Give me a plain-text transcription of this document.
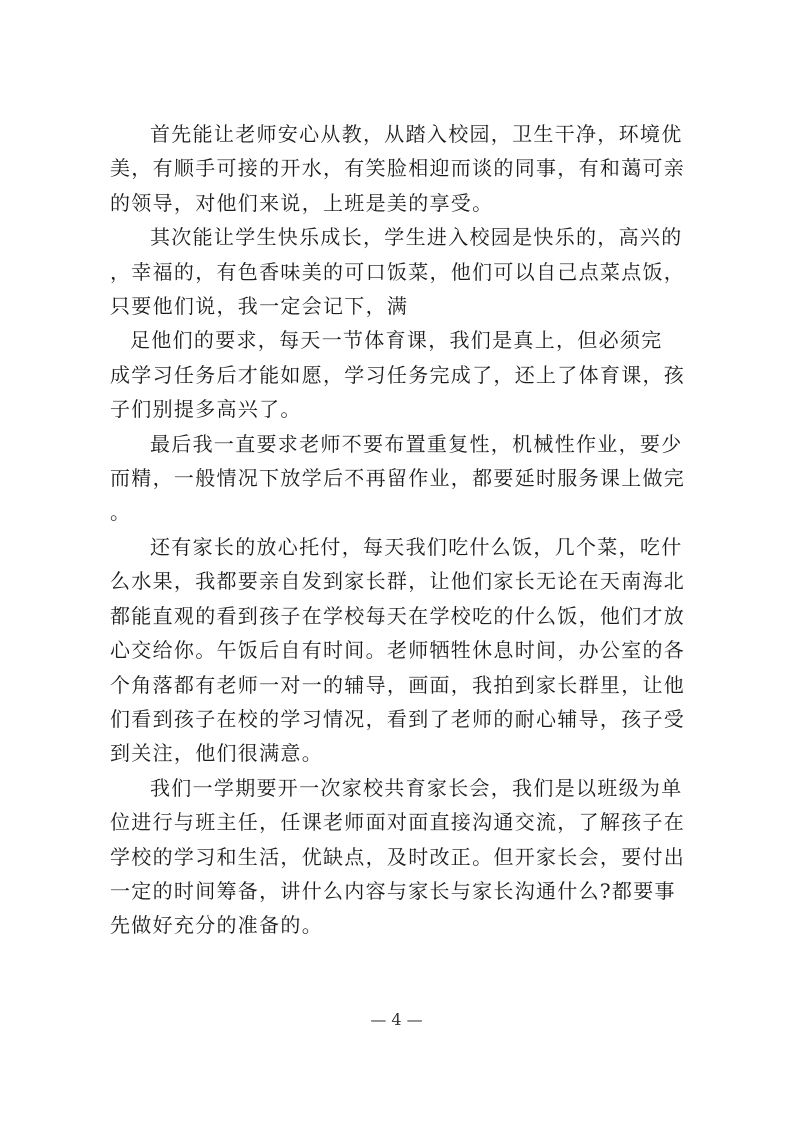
首先能让老师安心从教，从踏入校园，卫生干净，环境优
美，有顺手可接的开水，有笑脸相迎而谈的同事，有和蔼可亲
的领导，对他们来说，上班是美的享受。

其次能让学生快乐成长，学生进入校园是快乐的，高兴的
，幸福的，有色香味美的可口饭菜，他们可以自己点菜点饭，
只要他们说，我一定会记下，满

足他们的要求，每天一节体育课，我们是真上，但必须完
成学习任务后才能如愿，学习任务完成了，还上了体育课，孩
子们别提多高兴了。

最后我一直要求老师不要布置重复性，机械性作业，要少
而精，一般情况下放学后不再留作业，都要延时服务课上做完
。

还有家长的放心托付，每天我们吃什么饭，几个菜，吃什
么水果，我都要亲自发到家长群，让他们家长无论在天南海北
都能直观的看到孩子在学校每天在学校吃的什么饭，他们才放
心交给你。午饭后自有时间。老师牺牲休息时间，办公室的各
个角落都有老师一对一的辅导，画面，我拍到家长群里，让他
们看到孩子在校的学习情况，看到了老师的耐心辅导，孩子受
到关注，他们很满意。

我们一学期要开一次家校共育家长会，我们是以班级为单
位进行与班主任，任课老师面对面直接沟通交流，了解孩子在
学校的学习和生活，优缺点，及时改正。但开家长会，要付出
一定的时间筹备，讲什么内容与家长与家长沟通什么?都要事
先做好充分的准备的。

— 4 —
